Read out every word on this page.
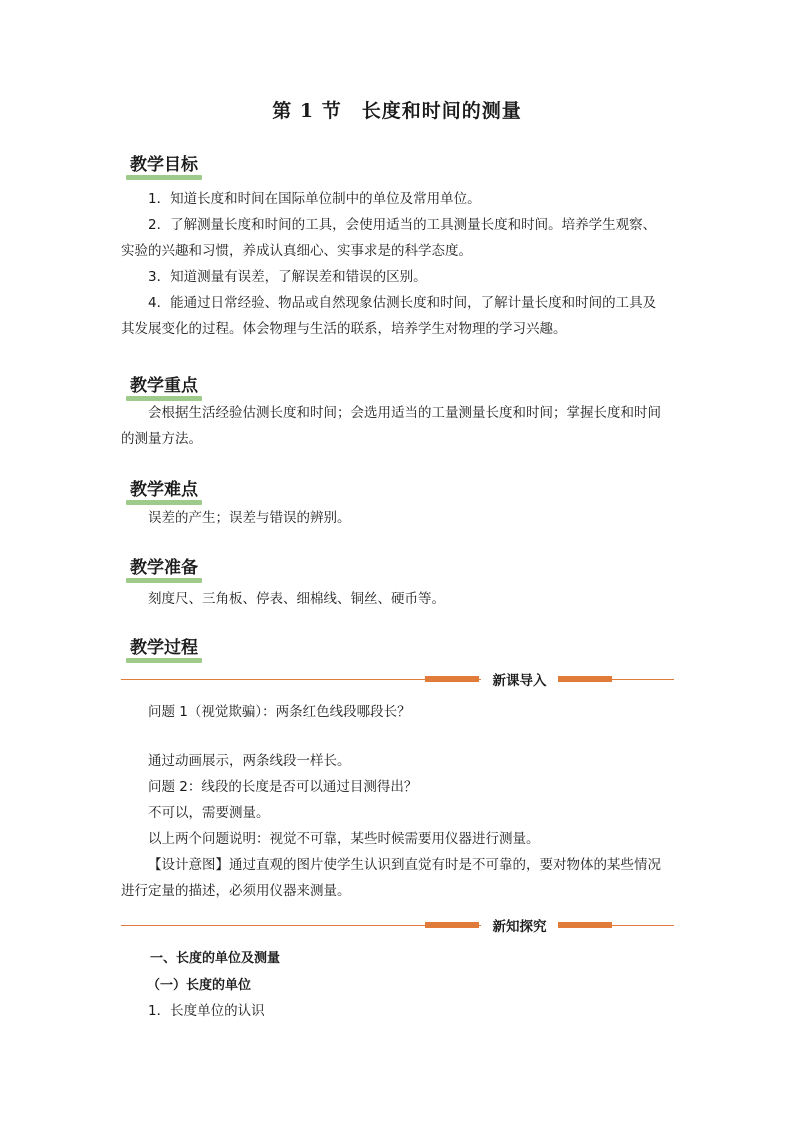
第 1 节　长度和时间的测量
教学目标
1．知道长度和时间在国际单位制中的单位及常用单位。
2．了解测量长度和时间的工具，会使用适当的工具测量长度和时间。培养学生观察、
实验的兴趣和习惯，养成认真细心、实事求是的科学态度。
3．知道测量有误差，了解误差和错误的区别。
4．能通过日常经验、物品或自然现象估测长度和时间，了解计量长度和时间的工具及
其发展变化的过程。体会物理与生活的联系，培养学生对物理的学习兴趣。
教学重点
会根据生活经验估测长度和时间；会选用适当的工量测量长度和时间；掌握长度和时间
的测量方法。
教学难点
误差的产生；误差与错误的辨别。
教学准备
刻度尺、三角板、停表、细棉线、铜丝、硬币等。
教学过程
新课导入
问题 1（视觉欺骗）：两条红色线段哪段长？
通过动画展示，两条线段一样长。
问题 2：线段的长度是否可以通过目测得出？
不可以，需要测量。
以上两个问题说明：视觉不可靠，某些时候需要用仪器进行测量。
【设计意图】通过直观的图片使学生认识到直觉有时是不可靠的，要对物体的某些情况
进行定量的描述，必须用仪器来测量。
新知探究
一、长度的单位及测量
（一）长度的单位
1．长度单位的认识
